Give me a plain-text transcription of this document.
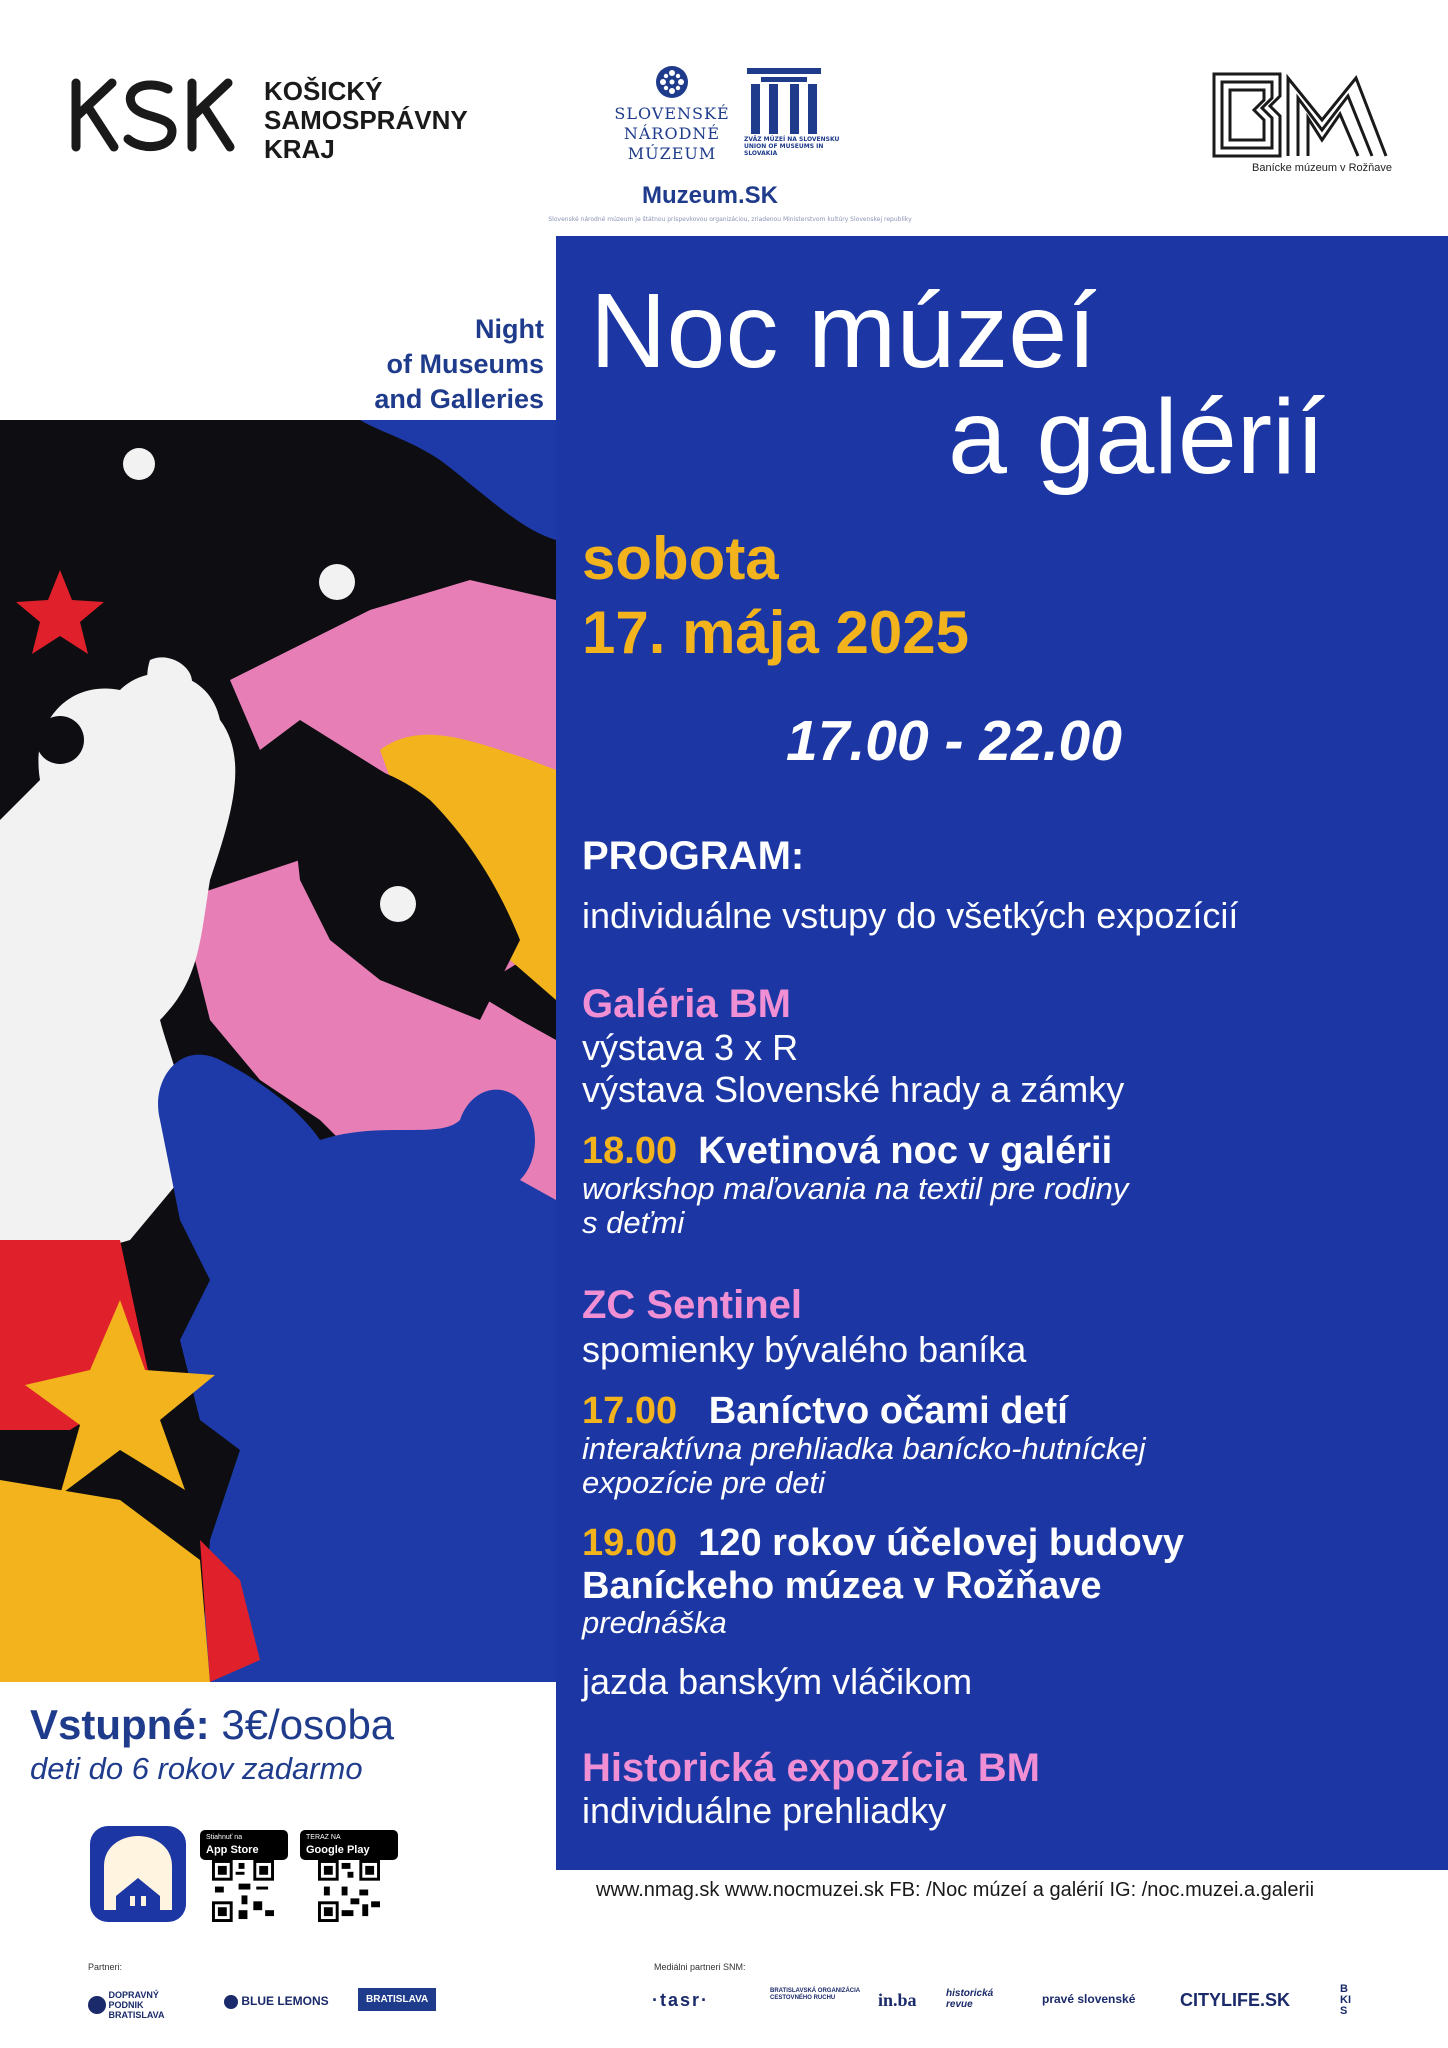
KOŠICKÝ
SAMOSPRÁVNY
KRAJ
SLOVENSKÉ
NÁRODNÉ
MÚZEUM
ZVÄZ MÚZEÍ NA SLOVENSKU
UNION OF MUSEUMS IN SLOVAKIA
Muzeum.SK
Slovenské národné múzeum je štátnou príspevkovou organizáciou, zriadenou Ministerstvom kultúry Slovenskej republiky
Banícke múzeum v Rožňave
Night
of Museums
and Galleries
Noc múzeí
a galérií
sobota
17. mája 2025
17.00 - 22.00
PROGRAM:
individuálne vstupy do všetkých expozícií
Galéria BM
výstava 3 x R
výstava Slovenské hrady a zámky
18.00 Kvetinová noc v galérii
workshop maľovania na textil pre rodiny
s deťmi
ZC Sentinel
spomienky bývalého baníka
17.00 Baníctvo očami detí
interaktívna prehliadka banícko-hutníckej
expozície pre deti
19.00 120 rokov účelovej budovy
Baníckeho múzea v Rožňave
prednáška
jazda banským vláčikom
Historická expozícia BM
individuálne prehliadky
Vstupné: 3€/osoba
deti do 6 rokov zadarmo
Stiahnuť na
App Store
TERAZ NA
Google Play
www.nmag.sk www.nocmuzei.sk FB: /Noc múzeí a galérií IG: /noc.muzei.a.galerii
Partneri:
DOPRAVNÝ PODNIK BRATISLAVA
BLUE LEMONS	BRATISLAVA
Mediálni partneri SNM:
·tasr·	BRATISLAVSKÁ ORGANIZÁCIA CESTOVNÉHO RUCHU	in.ba	historická revue	pravé slovenské CITYLIFE.SK
BKIS
